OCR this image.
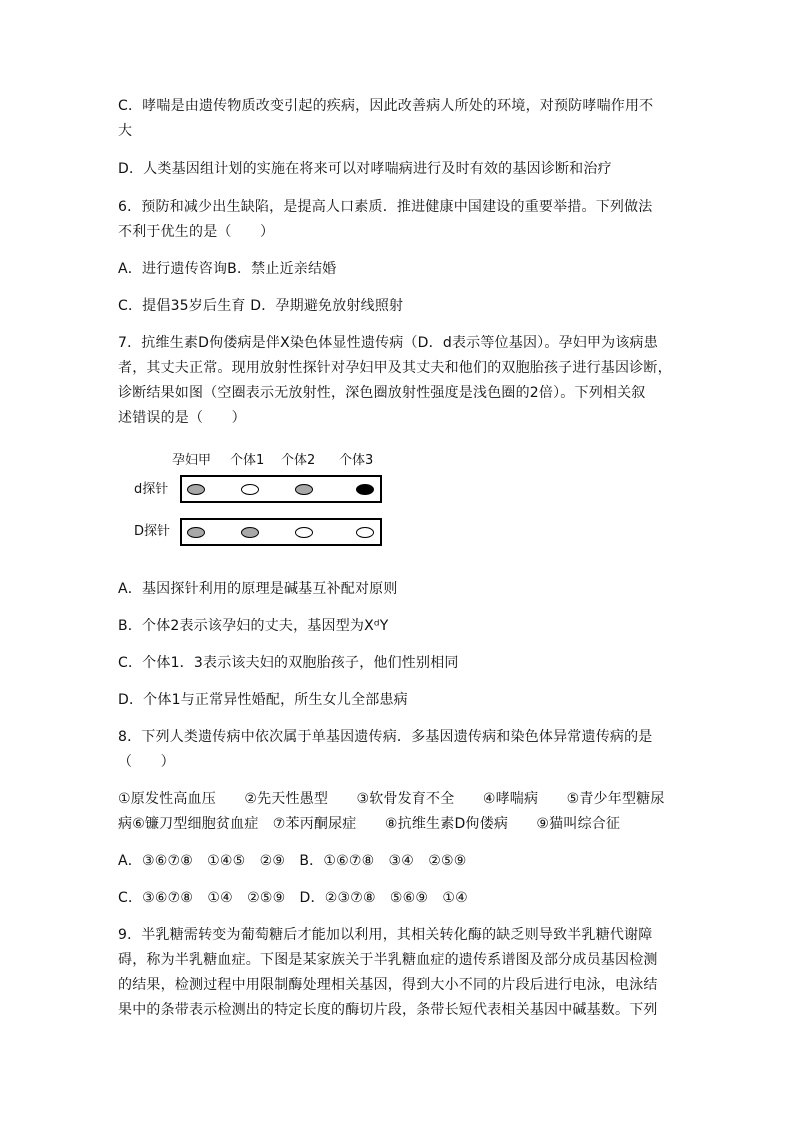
C．哮喘是由遗传物质改变引起的疾病，因此改善病人所处的环境，对预防哮喘作用不
大
D．人类基因组计划的实施在将来可以对哮喘病进行及时有效的基因诊断和治疗
6．预防和减少出生缺陷，是提高人口素质．推进健康中国建设的重要举措。下列做法
不利于优生的是（　　）
A．进行遗传咨询B．禁止近亲结婚
C．提倡35岁后生育 D．孕期避免放射线照射
7．抗维生素D佝偻病是伴X染色体显性遗传病（D．d表示等位基因）。孕妇甲为该病患
者，其丈夫正常。现用放射性探针对孕妇甲及其丈夫和他们的双胞胎孩子进行基因诊断，
诊断结果如图（空圈表示无放射性，深色圈放射性强度是浅色圈的2倍）。下列相关叙
述错误的是（　　）
孕妇甲 个体1 个体2 个体3
d探针
D探针
A．基因探针利用的原理是碱基互补配对原则
B．个体2表示该孕妇的丈夫，基因型为XᵈY
C．个体1．3表示该夫妇的双胞胎孩子，他们性别相同
D．个体1与正常异性婚配，所生女儿全部患病
8．下列人类遗传病中依次属于单基因遗传病．多基因遗传病和染色体异常遗传病的是
（　　）
①原发性高血压　　②先天性愚型　　③软骨发育不全　　④哮喘病　　⑤青少年型糖尿
病⑥镰刀型细胞贫血症　⑦苯丙酮尿症　　⑧抗维生素D佝偻病　　⑨猫叫综合征
A．③⑥⑦⑧　①④⑤　②⑨　B．①⑥⑦⑧　③④　②⑤⑨
C．③⑥⑦⑧　①④　②⑤⑨　D．②③⑦⑧　⑤⑥⑨　①④
9．半乳糖需转变为葡萄糖后才能加以利用，其相关转化酶的缺乏则导致半乳糖代谢障
碍，称为半乳糖血症。下图是某家族关于半乳糖血症的遗传系谱图及部分成员基因检测
的结果，检测过程中用限制酶处理相关基因，得到大小不同的片段后进行电泳，电泳结
果中的条带表示检测出的特定长度的酶切片段，条带长短代表相关基因中碱基数。下列
